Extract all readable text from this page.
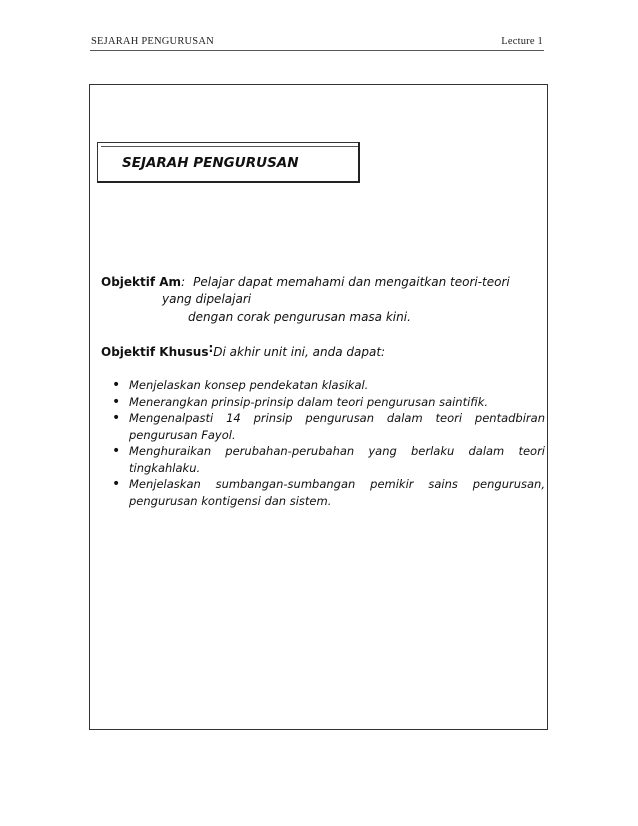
SEJARAH PENGURUSAN	Lecture 1
SEJARAH PENGURUSAN
Objektif Am: Pelajar dapat memahami dan mengaitkan teori-teori
yang dipelajari
dengan corak pengurusan masa kini.
Objektif Khusus:Di akhir unit ini, anda dapat:
• Menjelaskan konsep pendekatan klasikal.
• Menerangkan prinsip-prinsip dalam teori pengurusan saintifik.
• Mengenalpasti 14 prinsip pengurusan dalam teori pentadbiran pengurusan Fayol.
• Menghuraikan perubahan-perubahan yang berlaku dalam teori tingkahlaku.
• Menjelaskan sumbangan-sumbangan pemikir sains pengurusan, pengurusan kontigensi dan sistem.
